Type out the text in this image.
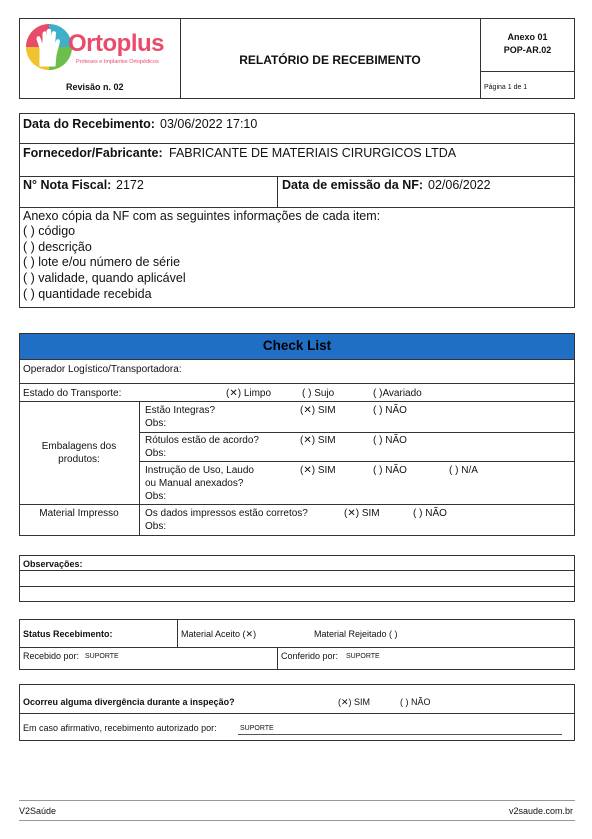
Ortoplus
Próteses e Implantes Ortopédicos
Revisão n. 02
RELATÓRIO DE RECEBIMENTO
Anexo 01
POP-AR.02
Página 1 de 1
Data do Recebimento: 03/06/2022 17:10
Fornecedor/Fabricante: FABRICANTE DE MATERIAIS CIRURGICOS LTDA
N° Nota Fiscal: 2172	Data de emissão da NF: 02/06/2022
Anexo cópia da NF com as seguintes informações de cada item:
( ) código
( ) descrição
( ) lote e/ou número de série
( ) validade, quando aplicável
( ) quantidade recebida
Check List
Operador Logístico/Transportadora:
Estado do Transporte:	(✕) Limpo	( ) Sujo	( )Avariado
Embalagens dos
produtos:
Estão Integras?	(✕) SIM	( ) NÃO
Obs:
Rótulos estão de acordo?	(✕) SIM	( ) NÃO
Obs:
Instrução de Uso, Laudo
ou Manual anexados?
(✕) SIM	( ) NÃO	( ) N/A
Obs:
Material Impresso	Os dados impressos estão corretos?	(✕) SIM	( ) NÃO
Obs:
Observações:
Status Recebimento:	Material Aceito (✕)	Material Rejeitado ( )
Recebido por: SUPORTE	Conferido por: SUPORTE
Ocorreu alguma divergência durante a inspeção?	(✕) SIM	( ) NÃO
Em caso afirmativo, recebimento autorizado por:	SUPORTE
V2Saúde	v2saude.com.br
